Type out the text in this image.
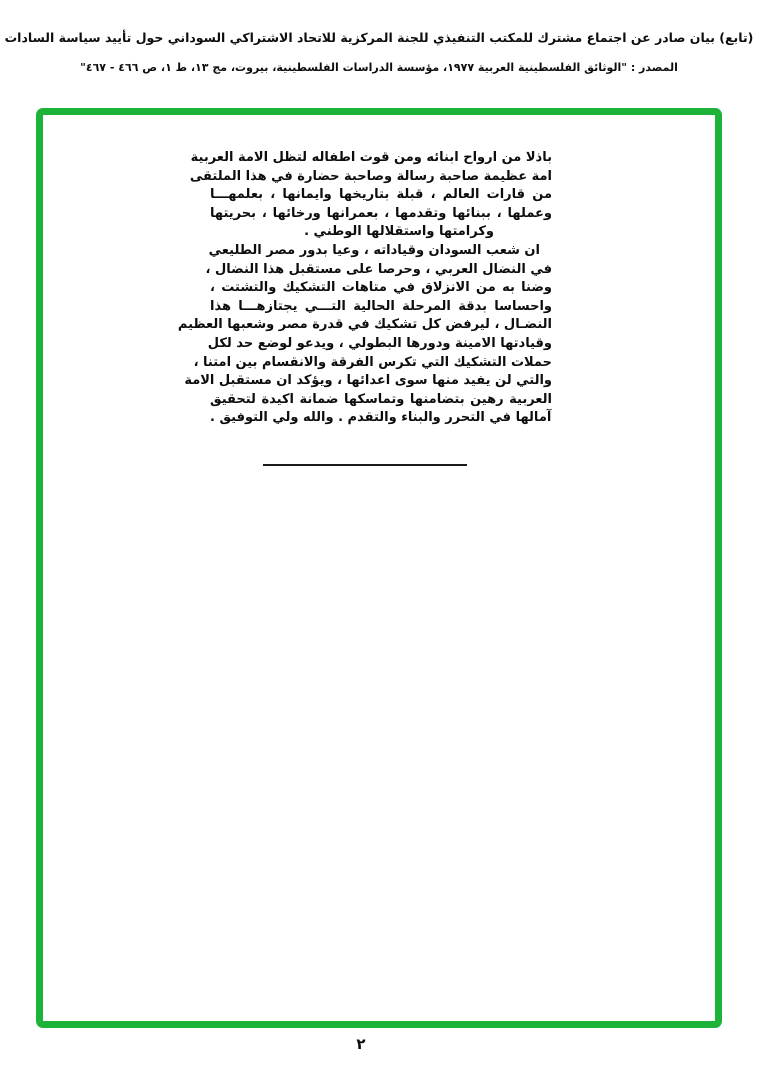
(تابع) بيان صادر عن اجتماع مشترك للمكتب التنفيذي للجنة المركزية للاتحاد الاشتراكي السوداني حول تأييد سياسة السادات
المصدر : "الوثائق الفلسطينية العربية ١٩٧٧، مؤسسة الدراسات الفلسطينية، بيروت، مج ١٣، ط ١، ص ٤٦٦ - ٤٦٧"
باذلا من ارواح ابنائه ومن قوت اطفاله لتظل الامة العربية
امة عظيمة صاحبة رسالة وصاحبة حضارة في هذا الملتقى
من قارات العالم ، قبلة بتاريخها وايمانها ، بعلمهـــا
وعملها ، ببنائها وتقدمها ، بعمرانها ورخائها ، بحريتها
وكرامتها واستقلالها الوطني .
ان شعب السودان وقياداته ، وعيا بدور مصر الطليعي
في النضال العربي ، وحرصا على مستقبل هذا النضال ،
وضنا به من الانزلاق في متاهات التشكيك والتشتت ،
واحساسا بدقة المرحلة الحالية التـــي يجتازهـــا هذا
النضـال ، ليرفض كل تشكيك في قدرة مصر وشعبها العظيم
وقيادتها الامينة ودورها البطولي ، ويدعو لوضع حد لكل
حملات التشكيك التي تكرس الفرقة والانقسام بين امتنا ،
والتي لن يفيد منها سوى اعدائها ، ويؤكد ان مستقبل الامة
العربية رهين بتضامنها وتماسكها ضمانة اكيدة لتحقيق
آمالها في التحرر والبناء والتقدم . والله ولي التوفيق .
٢
